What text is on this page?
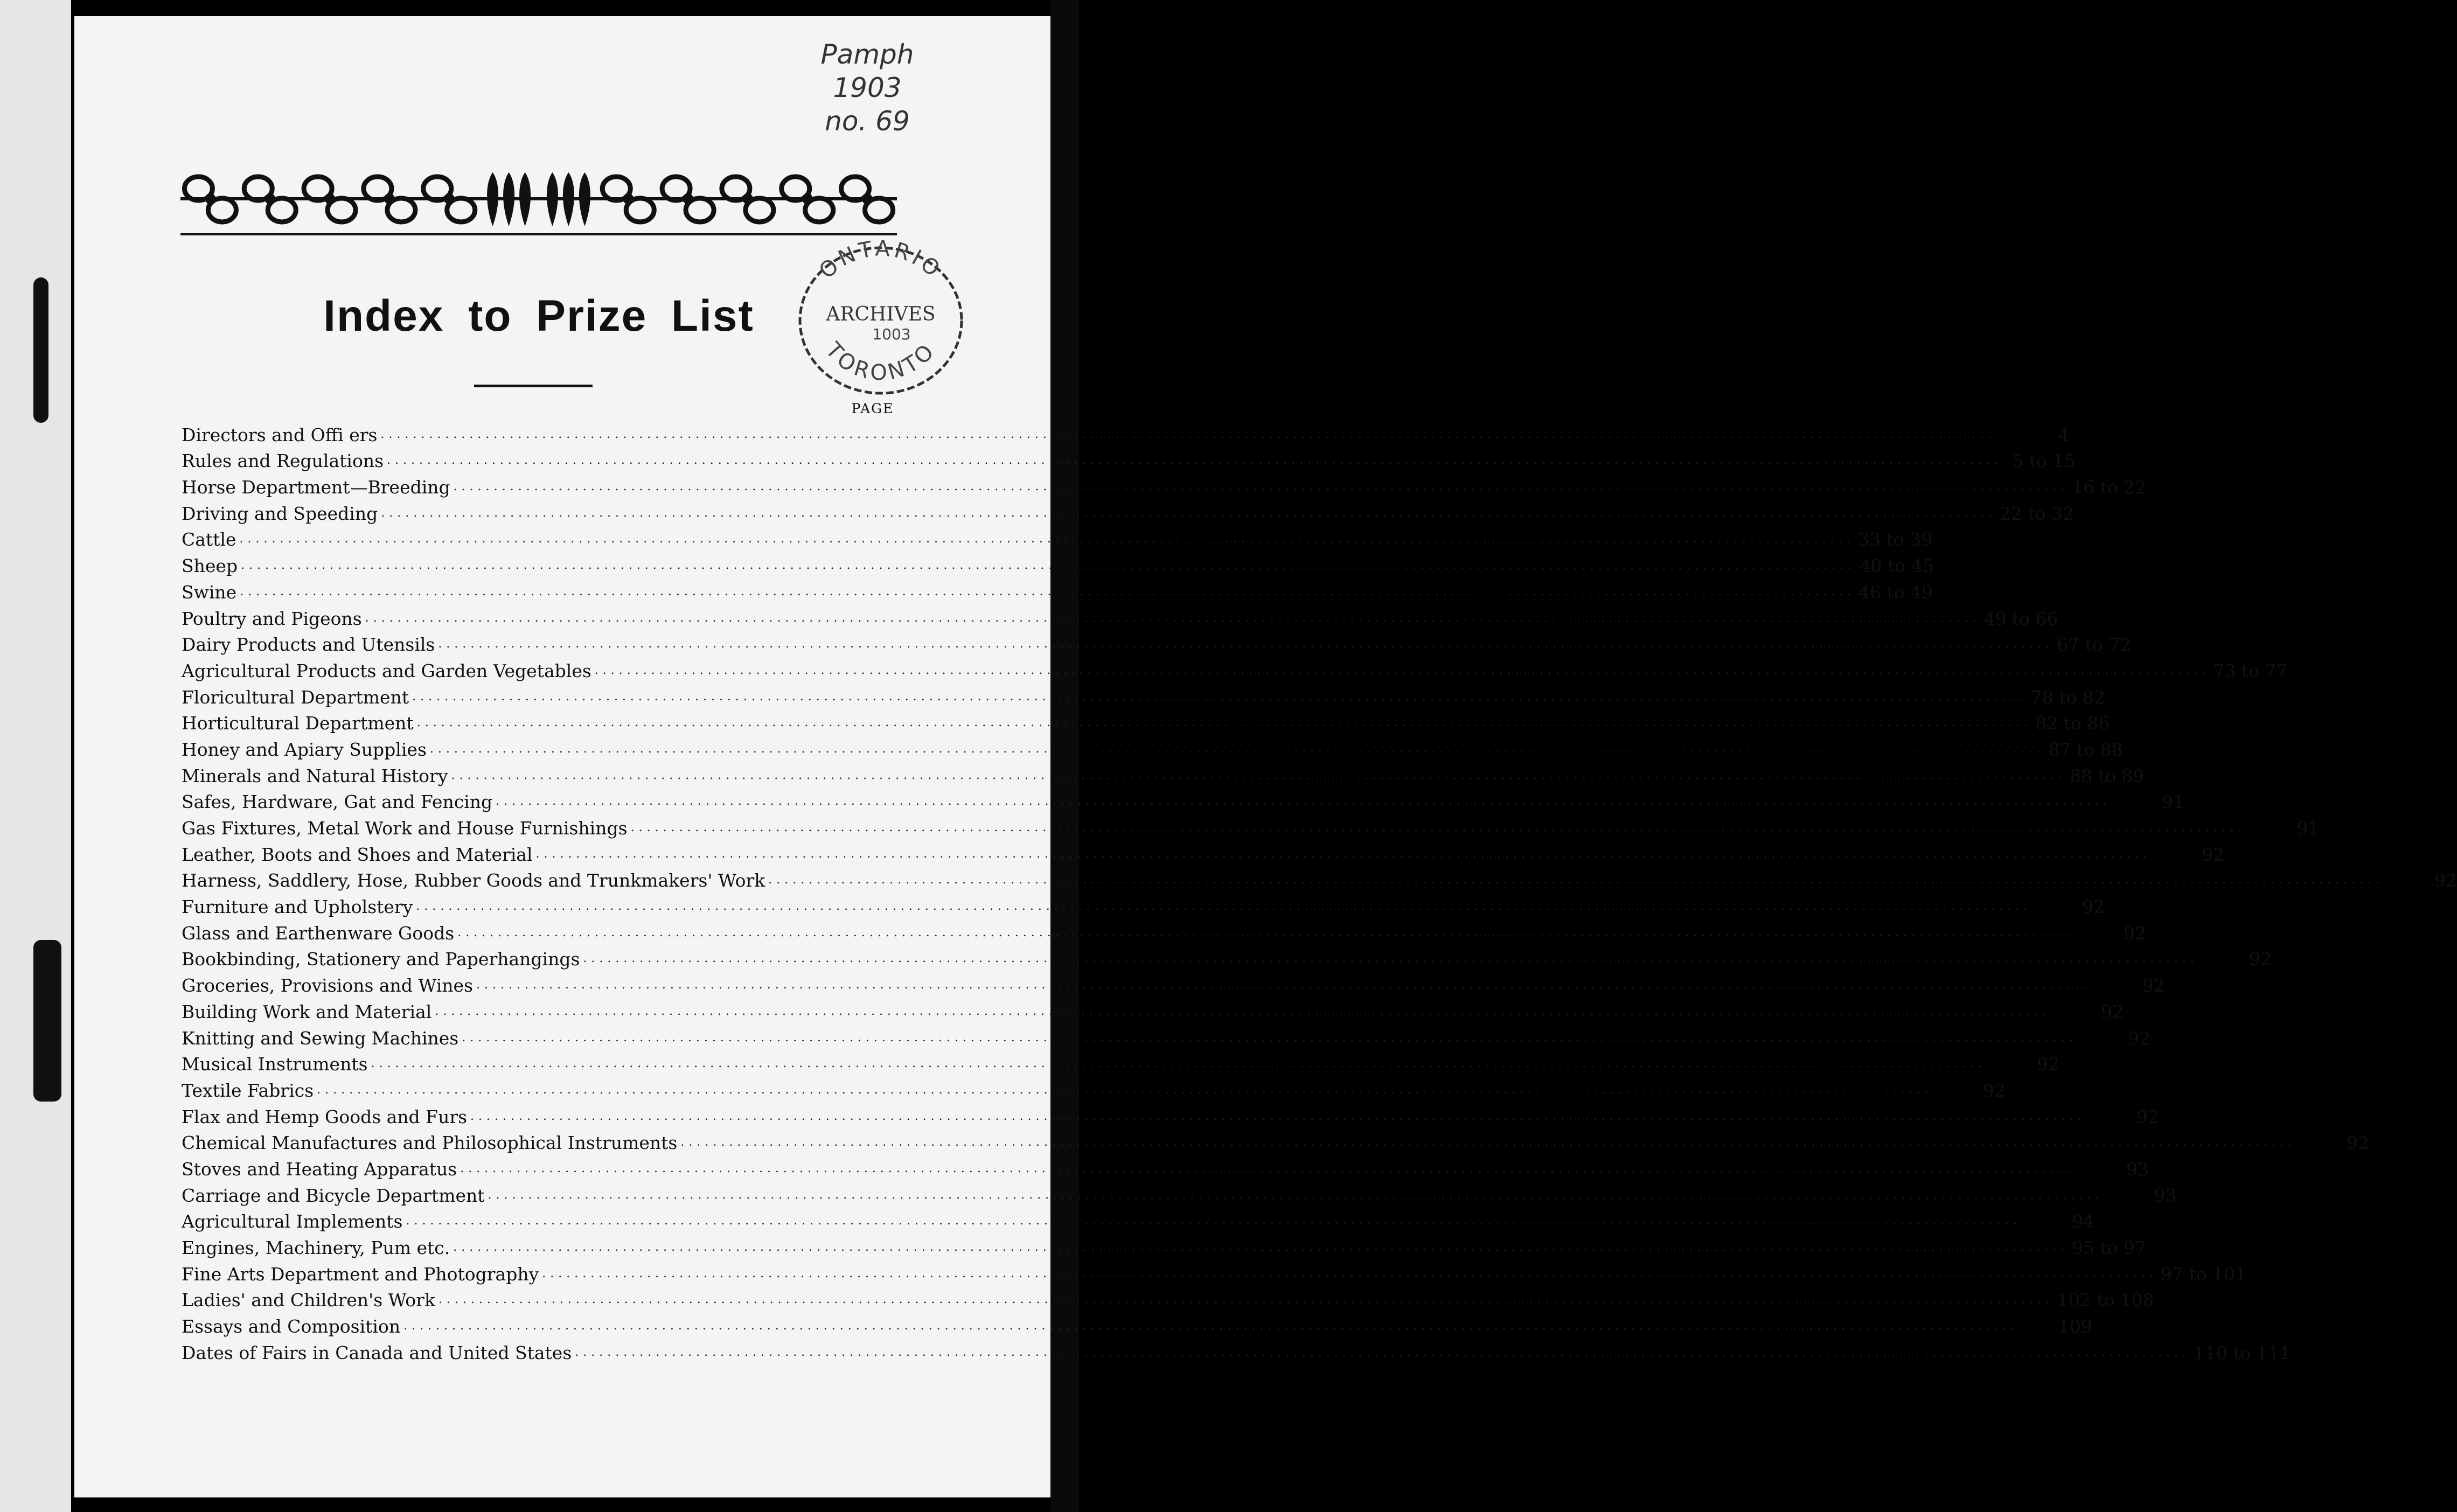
Pamph
1903
no. 69
ONTARIO
ARCHIVES
1003
TORONTO
Index to Prize List
PAGE
Directors and Offi ers ........................................................................................................................................................................................................	4
Rules and Regulations ........................................................................................................................................................................................................ 5 to 15
Horse Department—Breeding ........................................................................................................................................................................................................ 16 to 22
Driving and Speeding ........................................................................................................................................................................................................ 22 to 32
Cattle ........................................................................................................................................................................................................ 33 to 39
Sheep ........................................................................................................................................................................................................ 40 to 45
Swine ........................................................................................................................................................................................................ 46 to 49
Poultry and Pigeons ........................................................................................................................................................................................................ 49 to 66
Dairy Products and Utensils ........................................................................................................................................................................................................ 67 to 72
Agricultural Products and Garden Vegetables ........................................................................................................................................................................................................ 73 to 77
Floricultural Department ........................................................................................................................................................................................................ 78 to 82
Horticultural Department ........................................................................................................................................................................................................ 82 to 86
Honey and Apiary Supplies ........................................................................................................................................................................................................ 87 to 88
Minerals and Natural History ........................................................................................................................................................................................................ 88 to 89
Safes, Hardware, Gat and Fencing ........................................................................................................................................................................................................	91
Gas Fixtures, Metal Work and House Furnishings ........................................................................................................................................................................................................	91
Leather, Boots and Shoes and Material ........................................................................................................................................................................................................	92
Harness, Saddlery, Hose, Rubber Goods and Trunkmakers' Work ........................................................................................................................................................................................................	92
Furniture and Upholstery ........................................................................................................................................................................................................	92
Glass and Earthenware Goods ........................................................................................................................................................................................................	92
Bookbinding, Stationery and Paperhangings ........................................................................................................................................................................................................	92
Groceries, Provisions and Wines ........................................................................................................................................................................................................	92
Building Work and Material ........................................................................................................................................................................................................	92
Knitting and Sewing Machines ........................................................................................................................................................................................................	92
Musical Instruments ........................................................................................................................................................................................................	92
Textile Fabrics ........................................................................................................................................................................................................	92
Flax and Hemp Goods and Furs ........................................................................................................................................................................................................	92
Chemical Manufactures and Philosophical Instruments ........................................................................................................................................................................................................	92
Stoves and Heating Apparatus ........................................................................................................................................................................................................	93
Carriage and Bicycle Department ........................................................................................................................................................................................................	93
Agricultural Implements ........................................................................................................................................................................................................	94
Engines, Machinery, Pum etc. ........................................................................................................................................................................................................ 95 to 97
Fine Arts Department and Photography ........................................................................................................................................................................................................ 97 to 101
Ladies' and Children's Work ........................................................................................................................................................................................................ 102 to 108
Essays and Composition ........................................................................................................................................................................................................	109
Dates of Fairs in Canada and United States ........................................................................................................................................................................................................ 110 to 111
